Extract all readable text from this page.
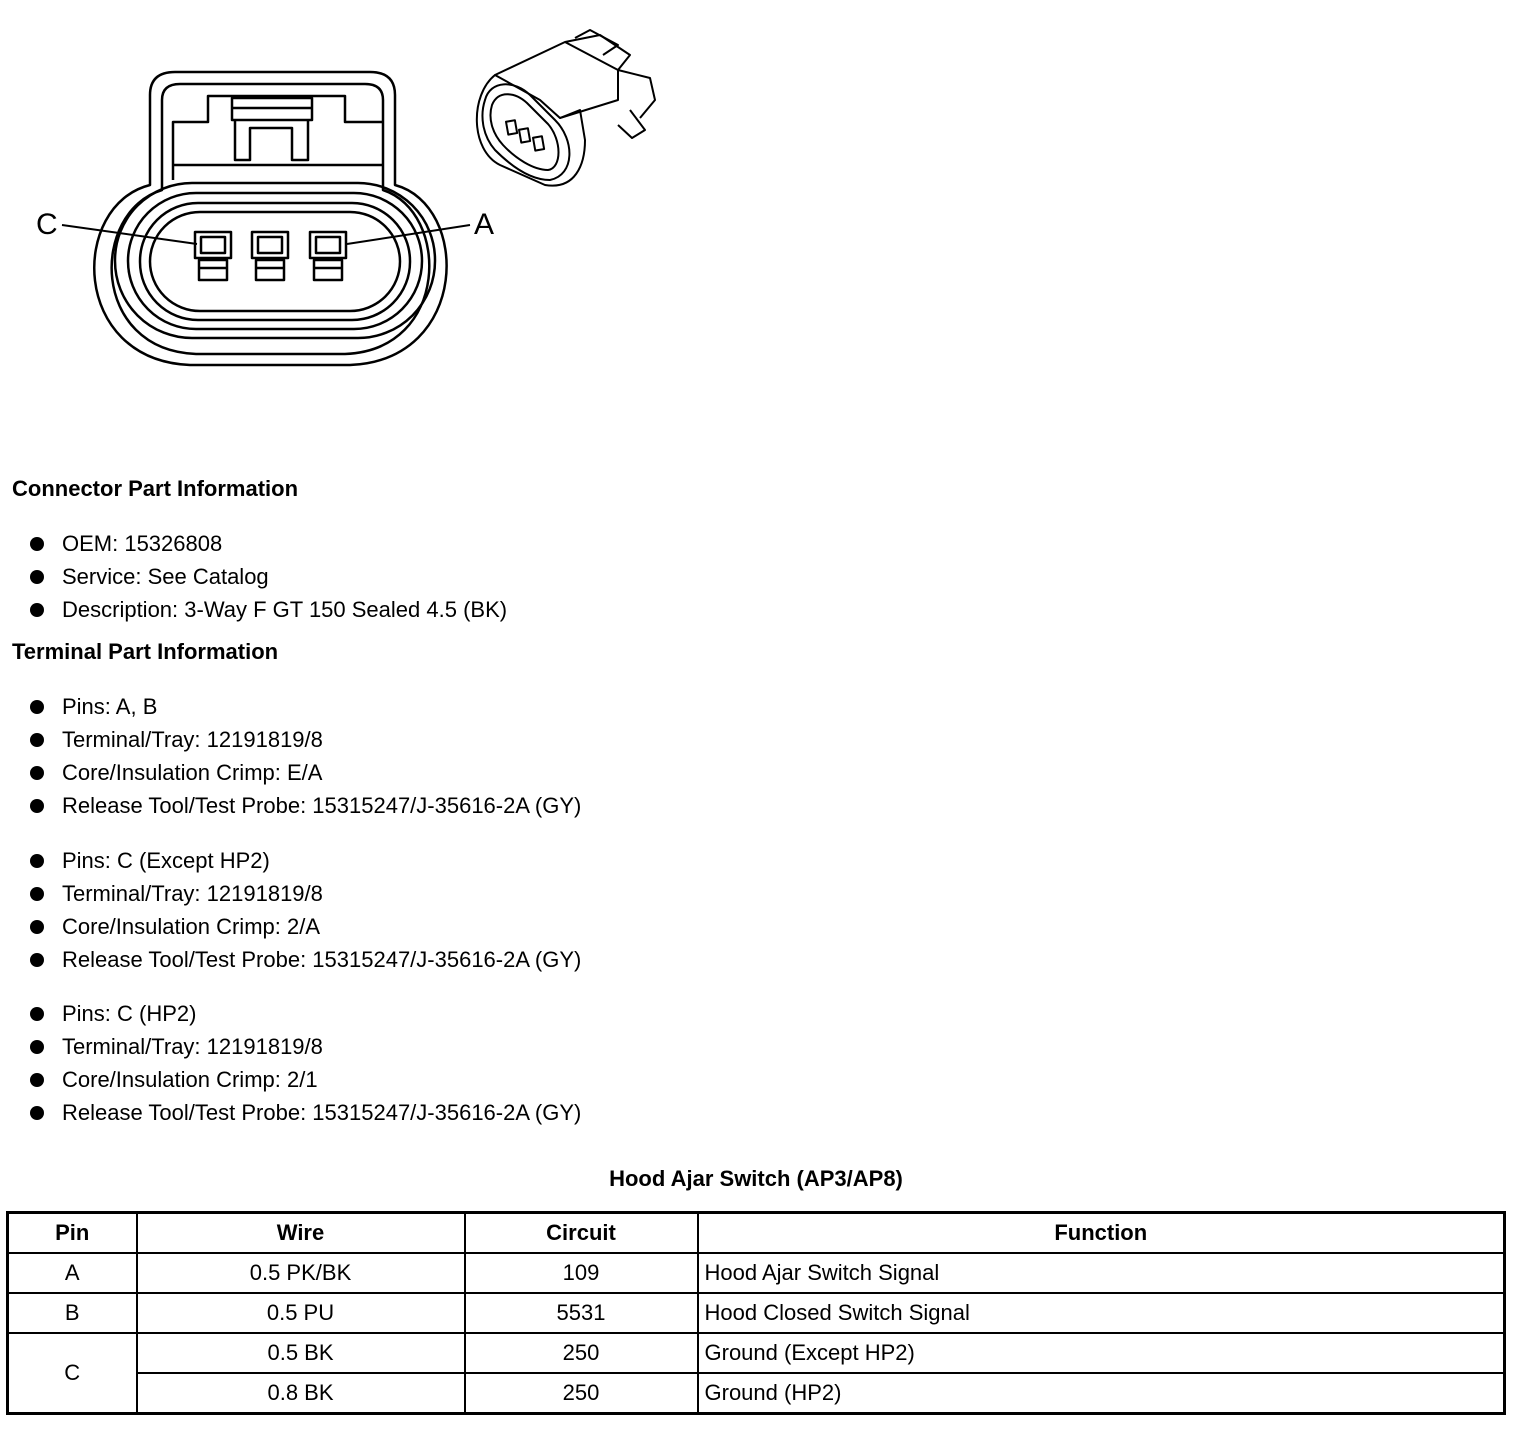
C	A
Connector Part Information
OEM: 15326808
Service: See Catalog
Description: 3-Way F GT 150 Sealed 4.5 (BK)
Terminal Part Information
Pins: A, B
Terminal/Tray: 12191819/8
Core/Insulation Crimp: E/A
Release Tool/Test Probe: 15315247/J-35616-2A (GY)
Pins: C (Except HP2)
Terminal/Tray: 12191819/8
Core/Insulation Crimp: 2/A
Release Tool/Test Probe: 15315247/J-35616-2A (GY)
Pins: C (HP2)
Terminal/Tray: 12191819/8
Core/Insulation Crimp: 2/1
Release Tool/Test Probe: 15315247/J-35616-2A (GY)
Hood Ajar Switch (AP3/AP8)
Pin	Wire	Circuit	Function
A	0.5 PK/BK	109	Hood Ajar Switch Signal
B	0.5 PU	5531	Hood Closed Switch Signal
C	0.5 BK	250	Ground (Except HP2)
	0.8 BK	250	Ground (HP2)
